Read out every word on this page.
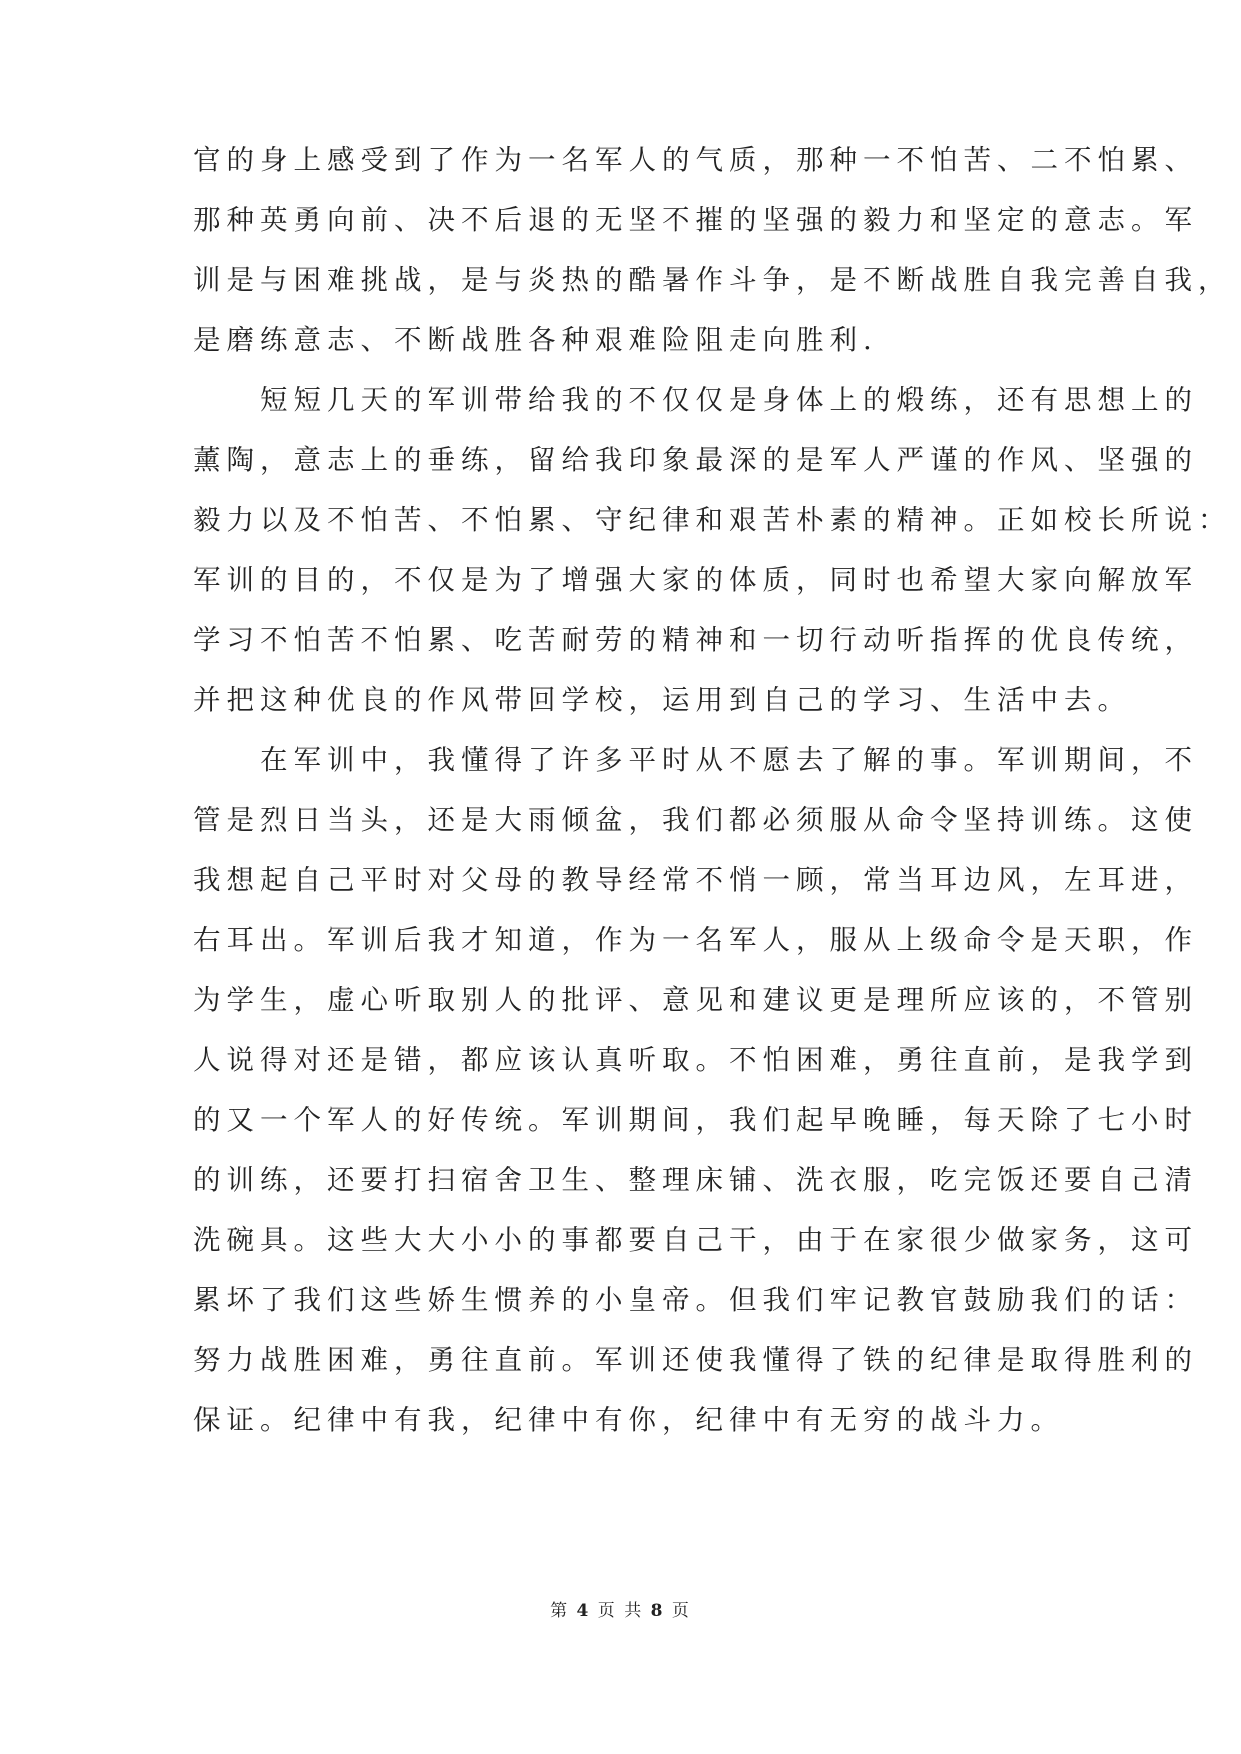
官的身上感受到了作为一名军人的气质，那种一不怕苦、二不怕累、
那种英勇向前、决不后退的无坚不摧的坚强的毅力和坚定的意志。军
训是与困难挑战，是与炎热的酷暑作斗争，是不断战胜自我完善自我，
是磨练意志、不断战胜各种艰难险阻走向胜利.
　　短短几天的军训带给我的不仅仅是身体上的煅练，还有思想上的
薰陶，意志上的垂练，留给我印象最深的是军人严谨的作风、坚强的
毅力以及不怕苦、不怕累、守纪律和艰苦朴素的精神。正如校长所说：
军训的目的，不仅是为了增强大家的体质，同时也希望大家向解放军
学习不怕苦不怕累、吃苦耐劳的精神和一切行动听指挥的优良传统，
并把这种优良的作风带回学校，运用到自己的学习、生活中去。
　　在军训中，我懂得了许多平时从不愿去了解的事。军训期间，不
管是烈日当头，还是大雨倾盆，我们都必须服从命令坚持训练。这使
我想起自己平时对父母的教导经常不悄一顾，常当耳边风，左耳进，
右耳出。军训后我才知道，作为一名军人，服从上级命令是天职，作
为学生，虚心听取别人的批评、意见和建议更是理所应该的，不管别
人说得对还是错，都应该认真听取。不怕困难，勇往直前，是我学到
的又一个军人的好传统。军训期间，我们起早晚睡，每天除了七小时
的训练，还要打扫宿舍卫生、整理床铺、洗衣服，吃完饭还要自己清
洗碗具。这些大大小小的事都要自己干，由于在家很少做家务，这可
累坏了我们这些娇生惯养的小皇帝。但我们牢记教官鼓励我们的话：
努力战胜困难，勇往直前。军训还使我懂得了铁的纪律是取得胜利的
保证。纪律中有我，纪律中有你，纪律中有无穷的战斗力。
第 4 页 共 8 页
